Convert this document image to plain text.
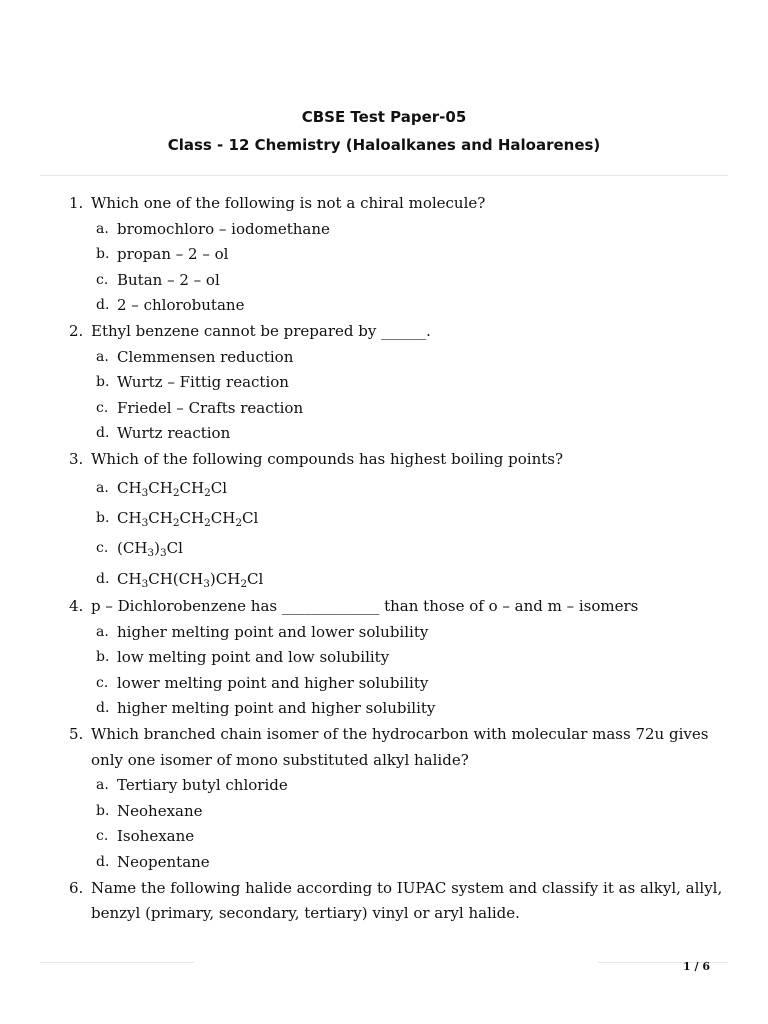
CBSE Test Paper-05
Class - 12 Chemistry (Haloalkanes and Haloarenes)
1. Which one of the following is not a chiral molecule?
a. bromochloro – iodomethane
b. propan – 2 – ol
c. Butan – 2 – ol
d. 2 – chlorobutane
2. Ethyl benzene cannot be prepared by ______.
a. Clemmensen reduction
b. Wurtz – Fittig reaction
c. Friedel – Crafts reaction
d. Wurtz reaction
3. Which of the following compounds has highest boiling points?
a. $CH_3CH_2CH_2Cl$
b. $CH_3CH_2CH_2CH_2Cl$
c. $(CH_3)_3Cl$
d. $CH_3CH(CH_3)CH_2Cl$
4. p – Dichlorobenzene has _____________ than those of o – and m – isomers
a. higher melting point and lower solubility
b. low melting point and low solubility
c. lower melting point and higher solubility
d. higher melting point and higher solubility
5. Which branched chain isomer of the hydrocarbon with molecular mass 72u gives
only one isomer of mono substituted alkyl halide?
a. Tertiary butyl chloride
b. Neohexane
c. Isohexane
d. Neopentane
6. Name the following halide according to IUPAC system and classify it as alkyl, allyl,
benzyl (primary, secondary, tertiary) vinyl or aryl halide.
1 / 6
